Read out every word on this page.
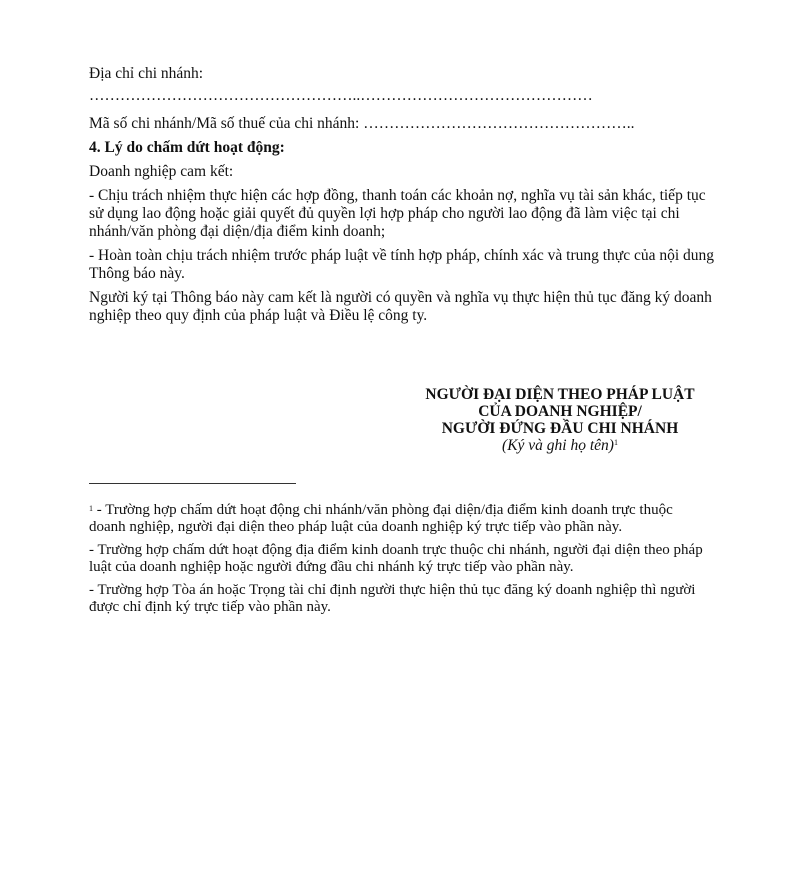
Địa chỉ chi nhánh:

……………………………………………..………………………………………

Mã số chi nhánh/Mã số thuế của chi nhánh: ……………………………………………..

4. Lý do chấm dứt hoạt động:

Doanh nghiệp cam kết:

- Chịu trách nhiệm thực hiện các hợp đồng, thanh toán các khoản nợ, nghĩa vụ tài sản khác, tiếp tục sử dụng lao động hoặc giải quyết đủ quyền lợi hợp pháp cho người lao động đã làm việc tại chi nhánh/văn phòng đại diện/địa điểm kinh doanh;

- Hoàn toàn chịu trách nhiệm trước pháp luật về tính hợp pháp, chính xác và trung thực của nội dung Thông báo này.

Người ký tại Thông báo này cam kết là người có quyền và nghĩa vụ thực hiện thủ tục đăng ký doanh nghiệp theo quy định của pháp luật và Điều lệ công ty.

NGƯỜI ĐẠI DIỆN THEO PHÁP LUẬT
CỦA DOANH NGHIỆP/
NGƯỜI ĐỨNG ĐẦU CHI NHÁNH
(Ký và ghi họ tên)$^1$

$^1$ - Trường hợp chấm dứt hoạt động chi nhánh/văn phòng đại diện/địa điểm kinh doanh trực thuộc doanh nghiệp, người đại diện theo pháp luật của doanh nghiệp ký trực tiếp vào phần này.

- Trường hợp chấm dứt hoạt động địa điểm kinh doanh trực thuộc chi nhánh, người đại diện theo pháp luật của doanh nghiệp hoặc người đứng đầu chi nhánh ký trực tiếp vào phần này.

- Trường hợp Tòa án hoặc Trọng tài chỉ định người thực hiện thủ tục đăng ký doanh nghiệp thì người được chỉ định ký trực tiếp vào phần này.
